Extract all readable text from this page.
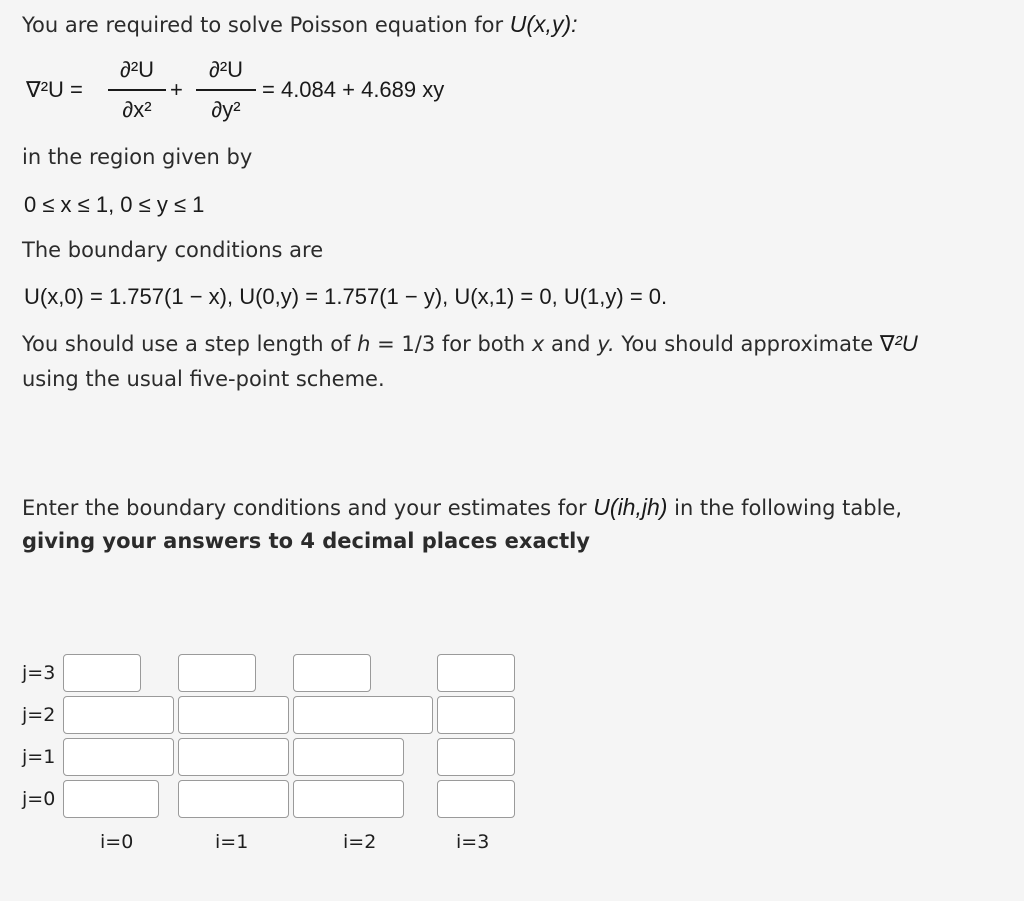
You are required to solve Poisson equation for U(x,y):
∇²U =
∂²U
∂x²
+
∂²U
∂y²
= 4.084 + 4.689 xy
in the region given by
0 ≤ x ≤ 1, 0 ≤ y ≤ 1
The boundary conditions are
U(x,0) = 1.757(1 − x), U(0,y) = 1.757(1 − y), U(x,1) = 0, U(1,y) = 0.
You should use a step length of h = 1/3 for both x and y. You should approximate ∇²U
using the usual five-point scheme.
Enter the boundary conditions and your estimates for U(ih,jh) in the following table,
giving your answers to 4 decimal places exactly
j=3
j=2
j=1
j=0
i=0	i=1	i=2	i=3
